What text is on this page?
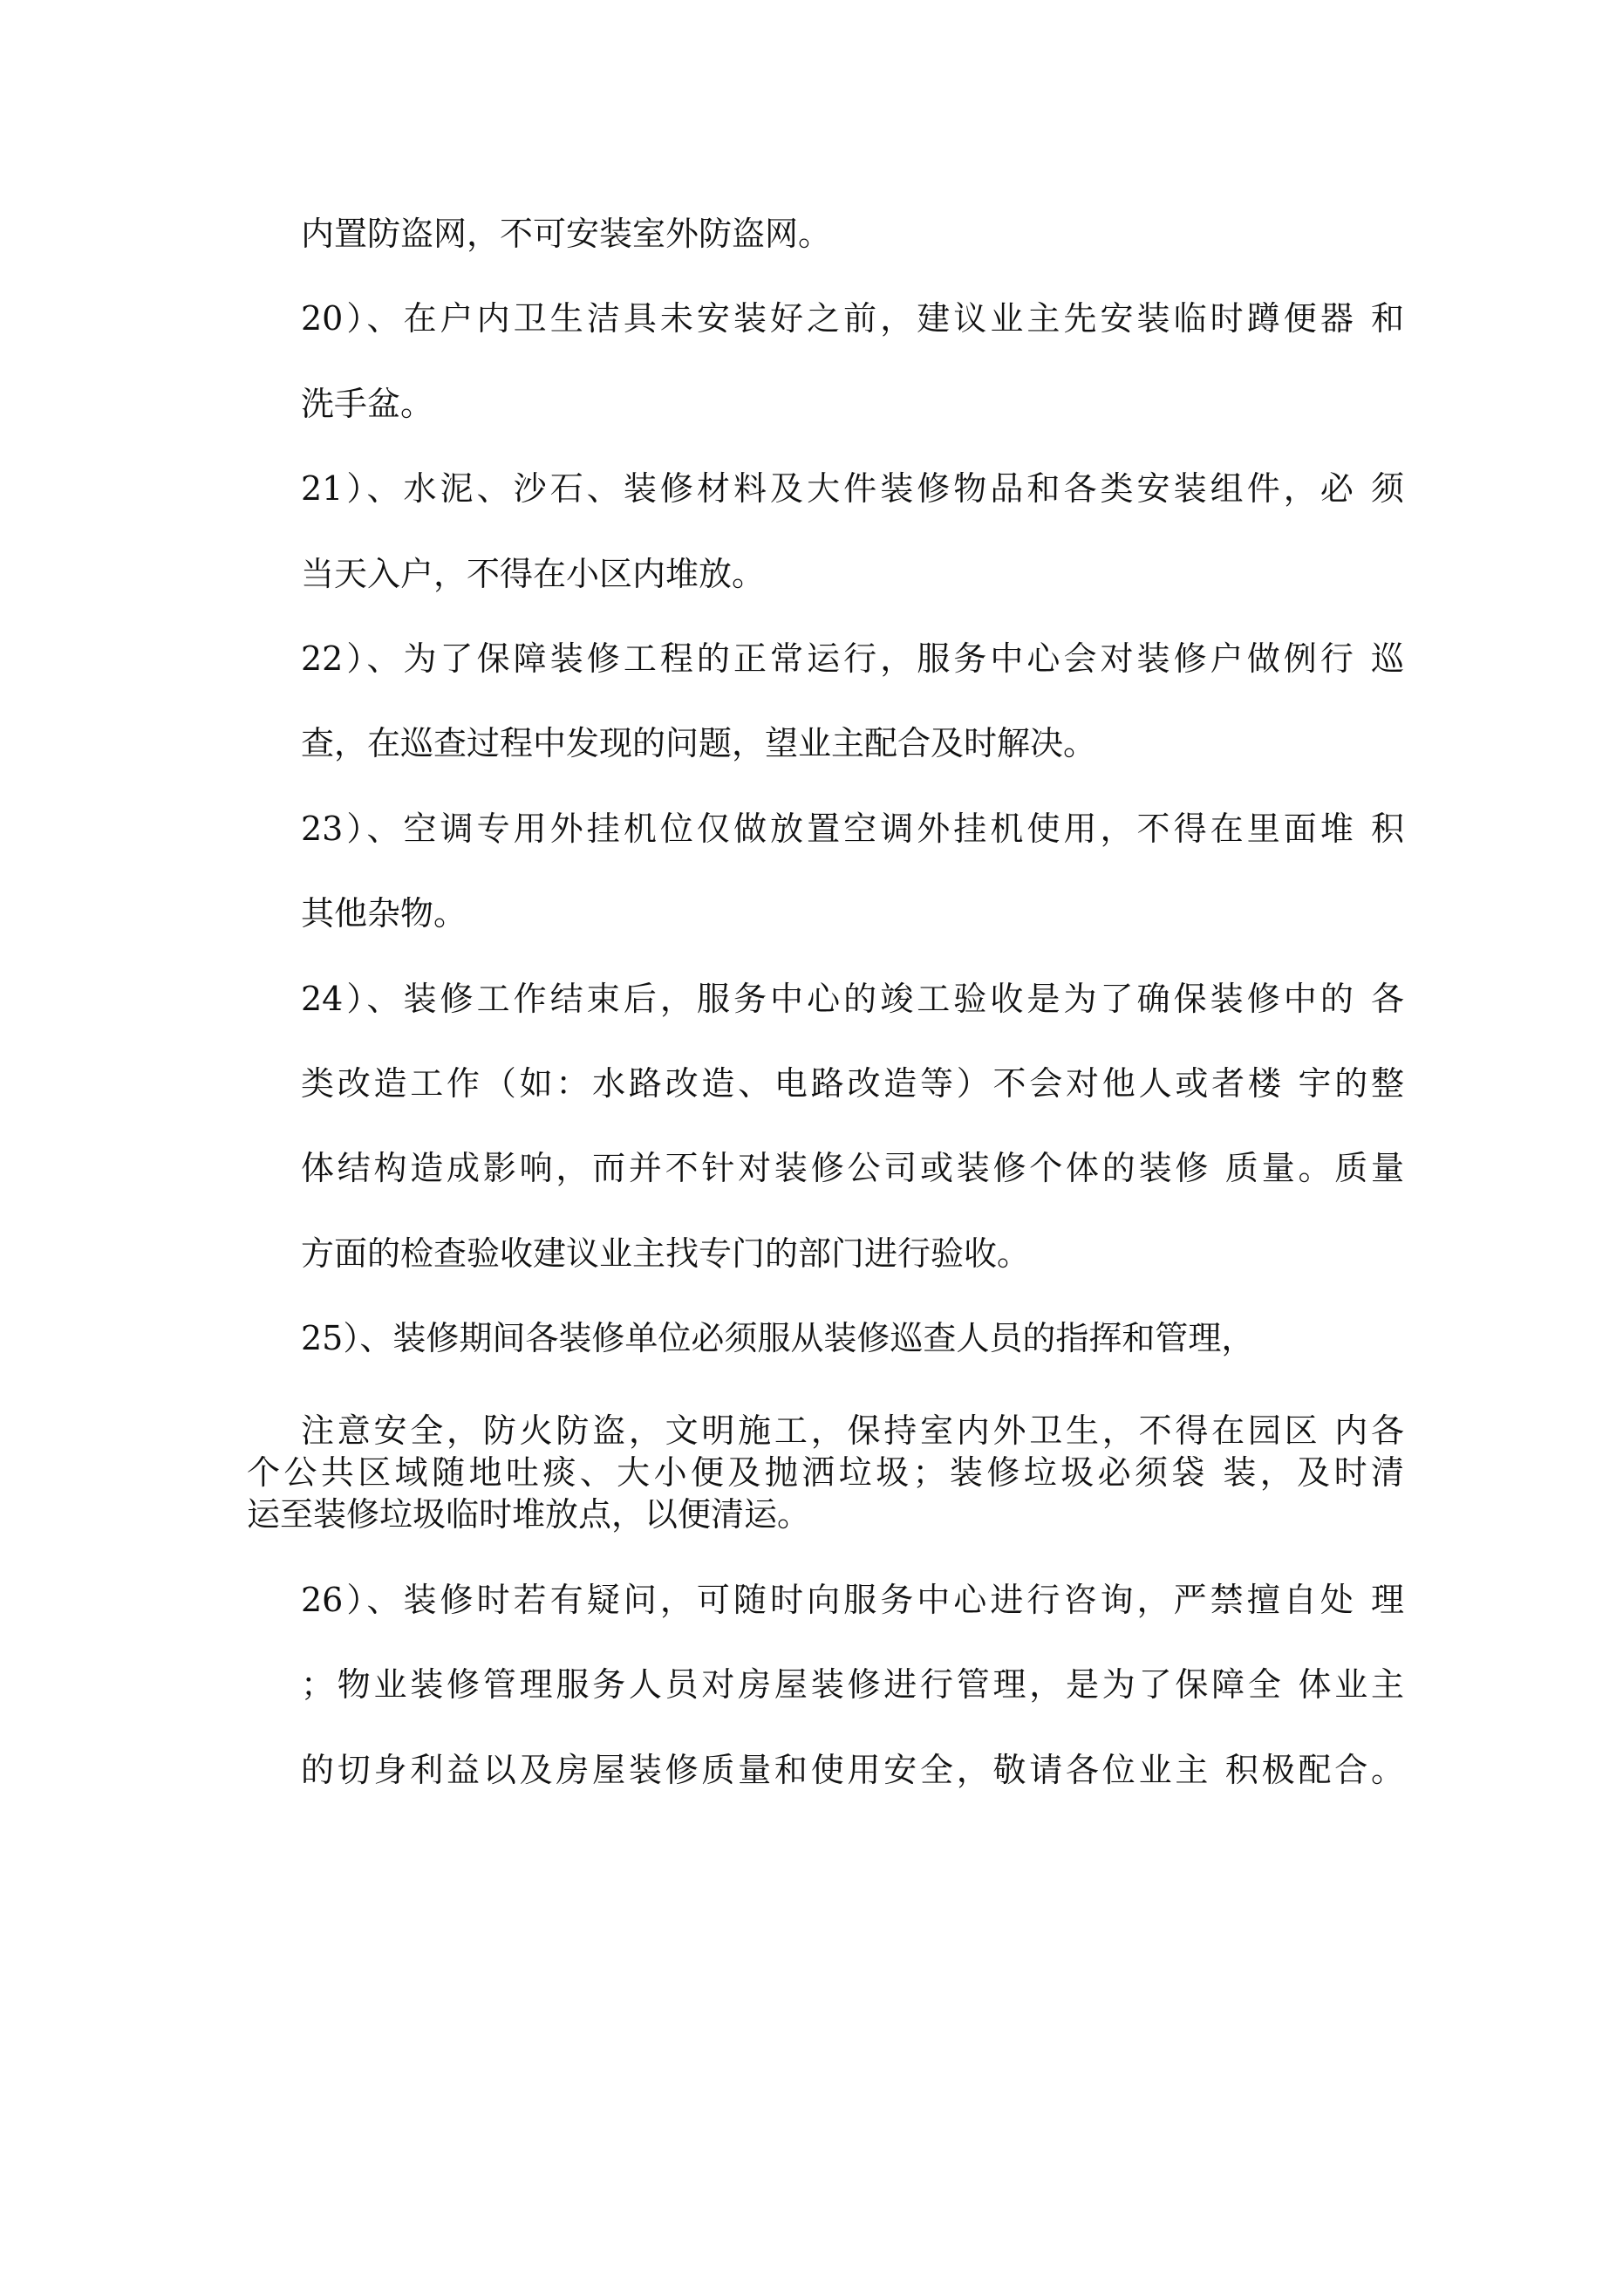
内置防盗网，不可安装室外防盗网。
20）、在户内卫生洁具未安装好之前，建议业主先安装临时蹲便器 和
洗手盆。
21）、水泥、沙石、装修材料及大件装修物品和各类安装组件，必 须
当天入户，不得在小区内堆放。
22）、为了保障装修工程的正常运行，服务中心会对装修户做例行 巡
查，在巡查过程中发现的问题，望业主配合及时解决。
23）、空调专用外挂机位仅做放置空调外挂机使用，不得在里面堆 积
其他杂物。
24）、装修工作结束后，服务中心的竣工验收是为了确保装修中的 各
类改造工作（如：水路改造、电路改造等）不会对他人或者楼 宇的整
体结构造成影响，而并不针对装修公司或装修个体的装修 质量。质量
方面的检查验收建议业主找专门的部门进行验收。
25）、装修期间各装修单位必须服从装修巡查人员的指挥和管理，
注意安全，防火防盗，文明施工，保持室内外卫生，不得在园区 内各
个公共区域随地吐痰、大小便及抛洒垃圾；装修垃圾必须袋 装，及时清
运至装修垃圾临时堆放点，以便清运。
26）、装修时若有疑问，可随时向服务中心进行咨询，严禁擅自处 理
；物业装修管理服务人员对房屋装修进行管理，是为了保障全 体业主
的切身利益以及房屋装修质量和使用安全，敬请各位业主 积极配合。
